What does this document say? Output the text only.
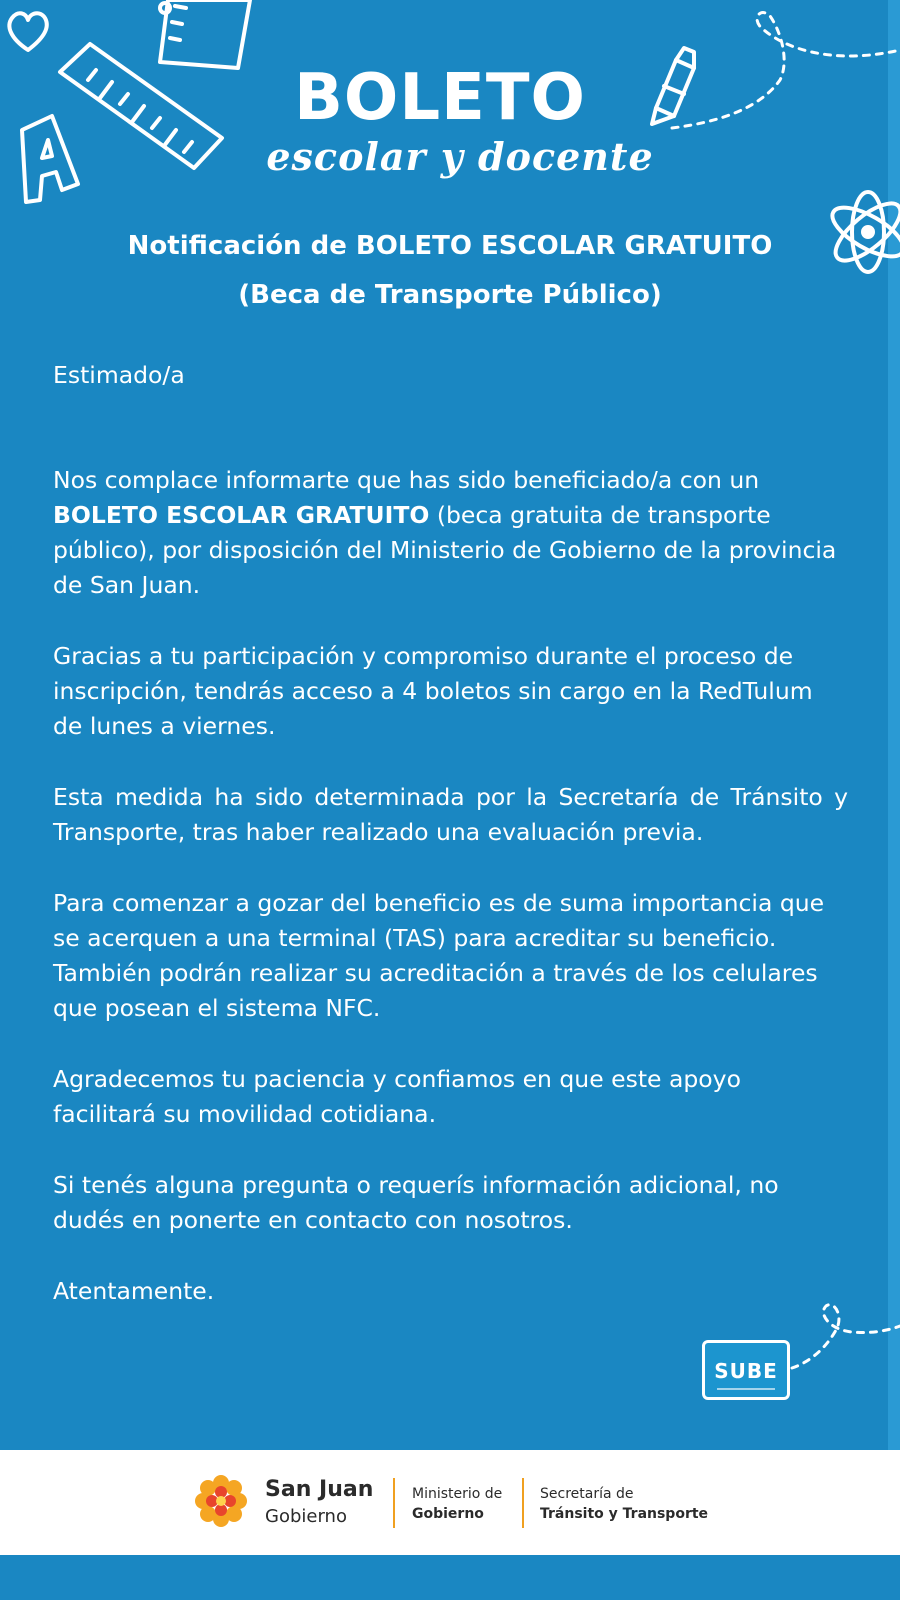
BOLETO
escolar y docente
Notificación de BOLETO ESCOLAR GRATUITO
(Beca de Transporte Público)

Estimado/a

Nos complace informarte que has sido beneficiado/a con un BOLETO ESCOLAR GRATUITO (beca gratuita de transporte público), por disposición del Ministerio de Gobierno de la provincia de San Juan.

Gracias a tu participación y compromiso durante el proceso de inscripción, tendrás acceso a 4 boletos sin cargo en la RedTulum de lunes a viernes.

Esta medida ha sido determinada por la Secretaría de Tránsito y Transporte, tras haber realizado una evaluación previa.

Para comenzar a gozar del beneficio es de suma importancia que se acerquen a una terminal (TAS) para acreditar su beneficio. También podrán realizar su acreditación a través de los celulares que posean el sistema NFC.

Agradecemos tu paciencia y confiamos en que este apoyo facilitará su movilidad cotidiana.

Si tenés alguna pregunta o requerís información adicional, no dudés en ponerte en contacto con nosotros.

Atentamente.

SUBE
San Juan
Gobierno
Ministerio de
Gobierno
Secretaría de
Tránsito y Transporte
